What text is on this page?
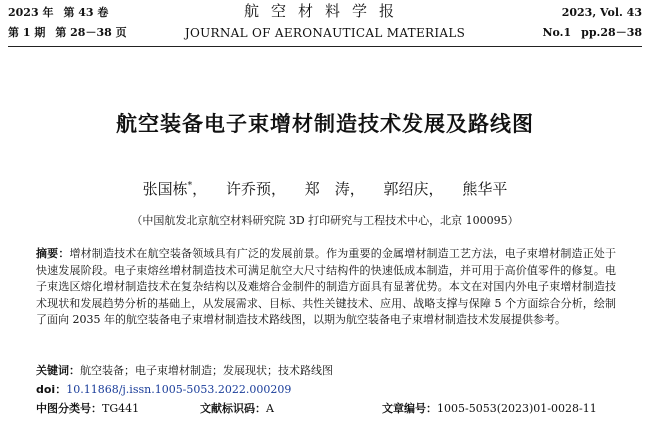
2023 年 第 43 卷	航空材料学报	2023, Vol. 43
第 1 期 第 28－38 页	JOURNAL OF AERONAUTICAL MATERIALS	No.1 pp.28－38
航空装备电子束增材制造技术发展及路线图
张国栋*， 许乔预， 郑　涛， 郭绍庆， 熊华平
（中国航发北京航空材料研究院 3D 打印研究与工程技术中心，北京 100095）
摘要：增材制造技术在航空装备领域具有广泛的发展前景。作为重要的金属增材制造工艺方法，电子束增材制造正处于快速发展阶段。电子束熔丝增材制造技术可满足航空大尺寸结构件的快速低成本制造，并可用于高价值零件的修复。电子束选区熔化增材制造技术在复杂结构以及难熔合金制件的制造方面具有显著优势。本文在对国内外电子束增材制造技术现状和发展趋势分析的基础上，从发展需求、目标、共性关键技术、应用、战略支撑与保障 5 个方面综合分析，绘制了面向 2035 年的航空装备电子束增材制造技术路线图，以期为航空装备电子束增材制造技术发展提供参考。
关键词：航空装备；电子束增材制造；发展现状；技术路线图
doi：10.11868/j.issn.1005-5053.2022.000209
中图分类号：TG441	文献标识码：A	文章编号：1005-5053(2023)01-0028-11
